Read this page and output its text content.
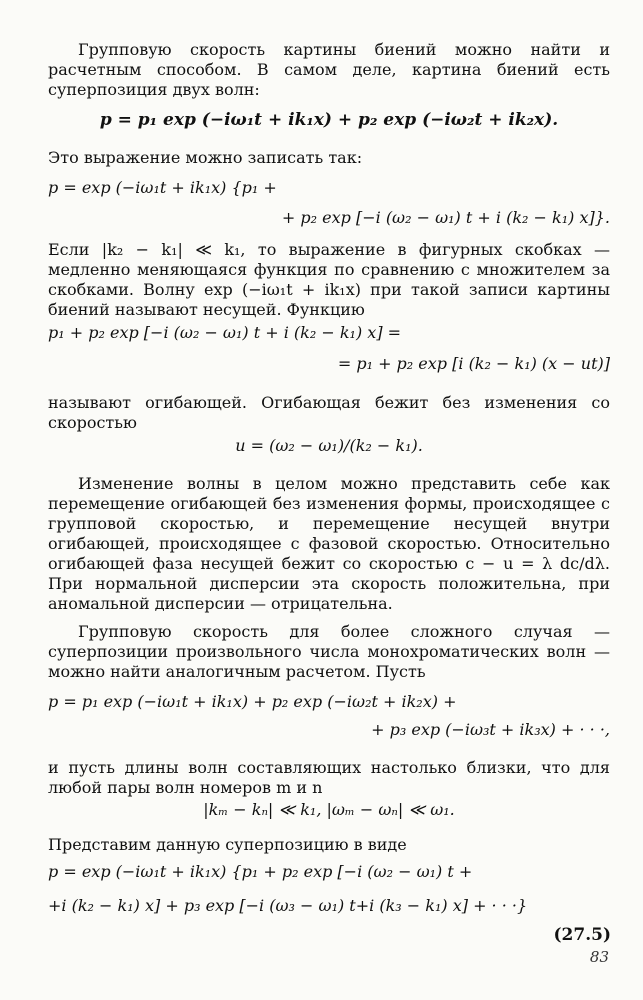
Групповую скорость картины биений можно найти и расчетным способом. В самом деле, картина биений есть суперпозиция двух волн:
p = p₁ exp (−iω₁t + ik₁x) + p₂ exp (−iω₂t + ik₂x).
Это выражение можно записать так:
p = exp (−iω₁t + ik₁x) {p₁ +
+ p₂ exp [−i (ω₂ − ω₁) t + i (k₂ − k₁) x]}.
Если |k₂ − k₁| ≪ k₁, то выражение в фигурных скобках — медленно меняющаяся функция по сравнению с множителем за скобками. Волну exp (−iω₁t + ik₁x) при такой записи картины биений называют несущей. Функцию
p₁ + p₂ exp [−i (ω₂ − ω₁) t + i (k₂ − k₁) x] =
= p₁ + p₂ exp [i (k₂ − k₁) (x − ut)]
называют огибающей. Огибающая бежит без изменения со скоростью
u = (ω₂ − ω₁)/(k₂ − k₁).
Изменение волны в целом можно представить себе как перемещение огибающей без изменения формы, происходящее с групповой скоростью, и перемещение несущей внутри огибающей, происходящее с фазовой скоростью. Относительно огибающей фаза несущей бежит со скоростью c − u = λ dc/dλ. При нормальной дисперсии эта скорость положительна, при аномальной дисперсии — отрицательна.
Групповую скорость для более сложного случая — суперпозиции произвольного числа монохроматических волн — можно найти аналогичным расчетом. Пусть
p = p₁ exp (−iω₁t + ik₁x) + p₂ exp (−iω₂t + ik₂x) +
+ p₃ exp (−iω₃t + ik₃x) + · · ·,
и пусть длины волн составляющих настолько близки, что для любой пары волн номеров m и n
|kₘ − kₙ| ≪ k₁, |ωₘ − ωₙ| ≪ ω₁.
Представим данную суперпозицию в виде
p = exp (−iω₁t + ik₁x) {p₁ + p₂ exp [−i (ω₂ − ω₁) t +
+i (k₂ − k₁) x] + p₃ exp [−i (ω₃ − ω₁) t+i (k₃ − k₁) x] + · · ·}
(27.5)
83
